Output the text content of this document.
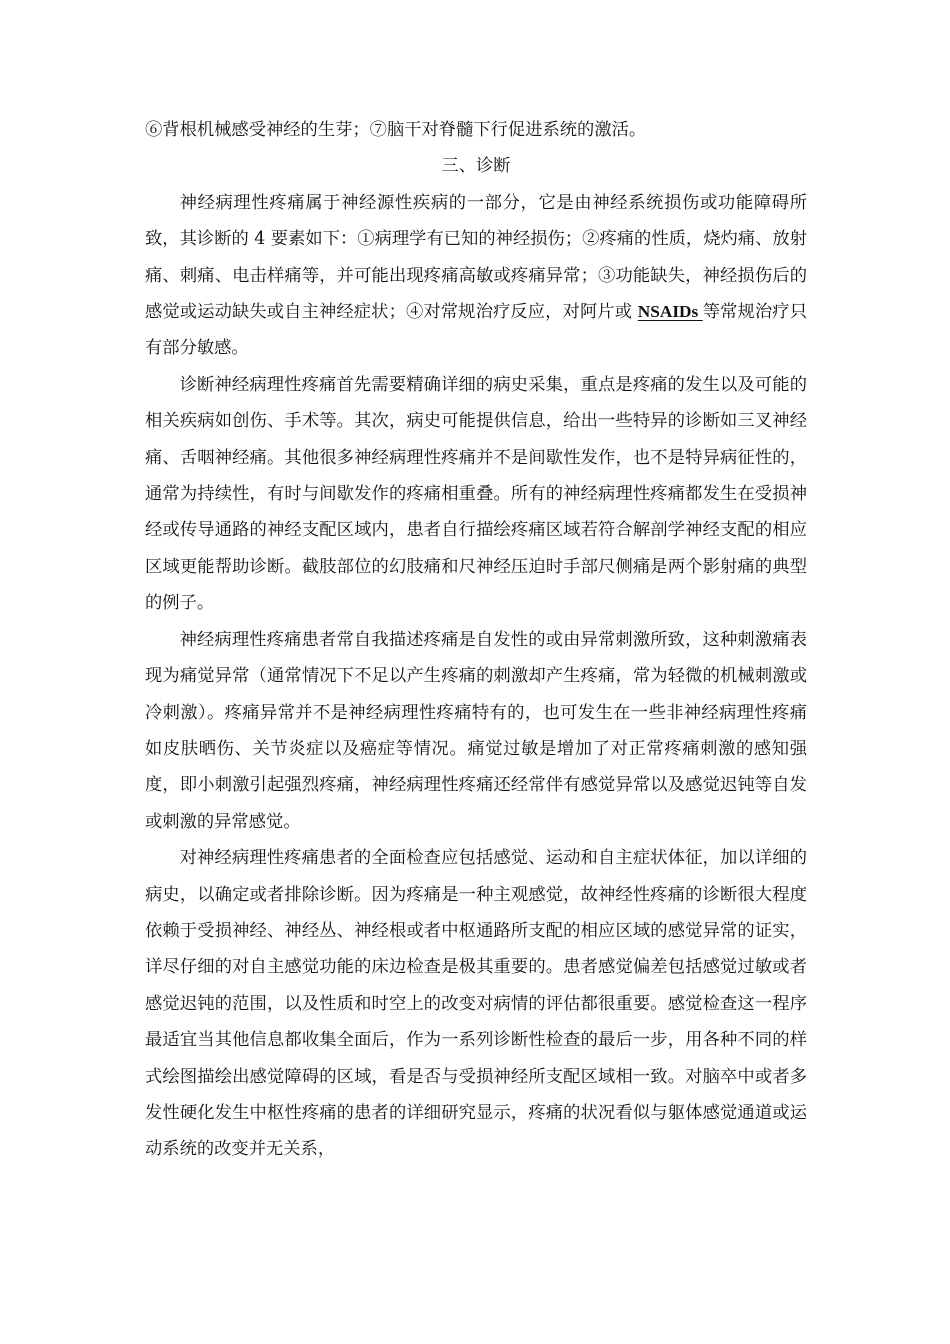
⑥背根机械感受神经的生芽；⑦脑干对脊髓下行促进系统的激活。

三、诊断

神经病理性疼痛属于神经源性疾病的一部分，它是由神经系统损伤或功能障碍所致，其诊断的 4 要素如下：①病理学有已知的神经损伤；②疼痛的性质，烧灼痛、放射痛、刺痛、电击样痛等，并可能出现疼痛高敏或疼痛异常；③功能缺失，神经损伤后的感觉或运动缺失或自主神经症状；④对常规治疗反应，对阿片或 NSAIDs 等常规治疗只有部分敏感。

诊断神经病理性疼痛首先需要精确详细的病史采集，重点是疼痛的发生以及可能的相关疾病如创伤、手术等。其次，病史可能提供信息，给出一些特异的诊断如三叉神经痛、舌咽神经痛。其他很多神经病理性疼痛并不是间歇性发作，也不是特异病征性的，通常为持续性，有时与间歇发作的疼痛相重叠。所有的神经病理性疼痛都发生在受损神经或传导通路的神经支配区域内，患者自行描绘疼痛区域若符合解剖学神经支配的相应区域更能帮助诊断。截肢部位的幻肢痛和尺神经压迫时手部尺侧痛是两个影射痛的典型的例子。

神经病理性疼痛患者常自我描述疼痛是自发性的或由异常刺激所致，这种刺激痛表现为痛觉异常（通常情况下不足以产生疼痛的刺激却产生疼痛，常为轻微的机械刺激或冷刺激）。疼痛异常并不是神经病理性疼痛特有的，也可发生在一些非神经病理性疼痛如皮肤晒伤、关节炎症以及癌症等情况。痛觉过敏是增加了对正常疼痛刺激的感知强度，即小刺激引起强烈疼痛，神经病理性疼痛还经常伴有感觉异常以及感觉迟钝等自发或刺激的异常感觉。

对神经病理性疼痛患者的全面检查应包括感觉、运动和自主症状体征，加以详细的病史，以确定或者排除诊断。因为疼痛是一种主观感觉，故神经性疼痛的诊断很大程度依赖于受损神经、神经丛、神经根或者中枢通路所支配的相应区域的感觉异常的证实，详尽仔细的对自主感觉功能的床边检查是极其重要的。患者感觉偏差包括感觉过敏或者感觉迟钝的范围，以及性质和时空上的改变对病情的评估都很重要。感觉检查这一程序最适宜当其他信息都收集全面后，作为一系列诊断性检查的最后一步，用各种不同的样式绘图描绘出感觉障碍的区域，看是否与受损神经所支配区域相一致。对脑卒中或者多发性硬化发生中枢性疼痛的患者的详细研究显示，疼痛的状况看似与躯体感觉通道或运动系统的改变并无关系，
